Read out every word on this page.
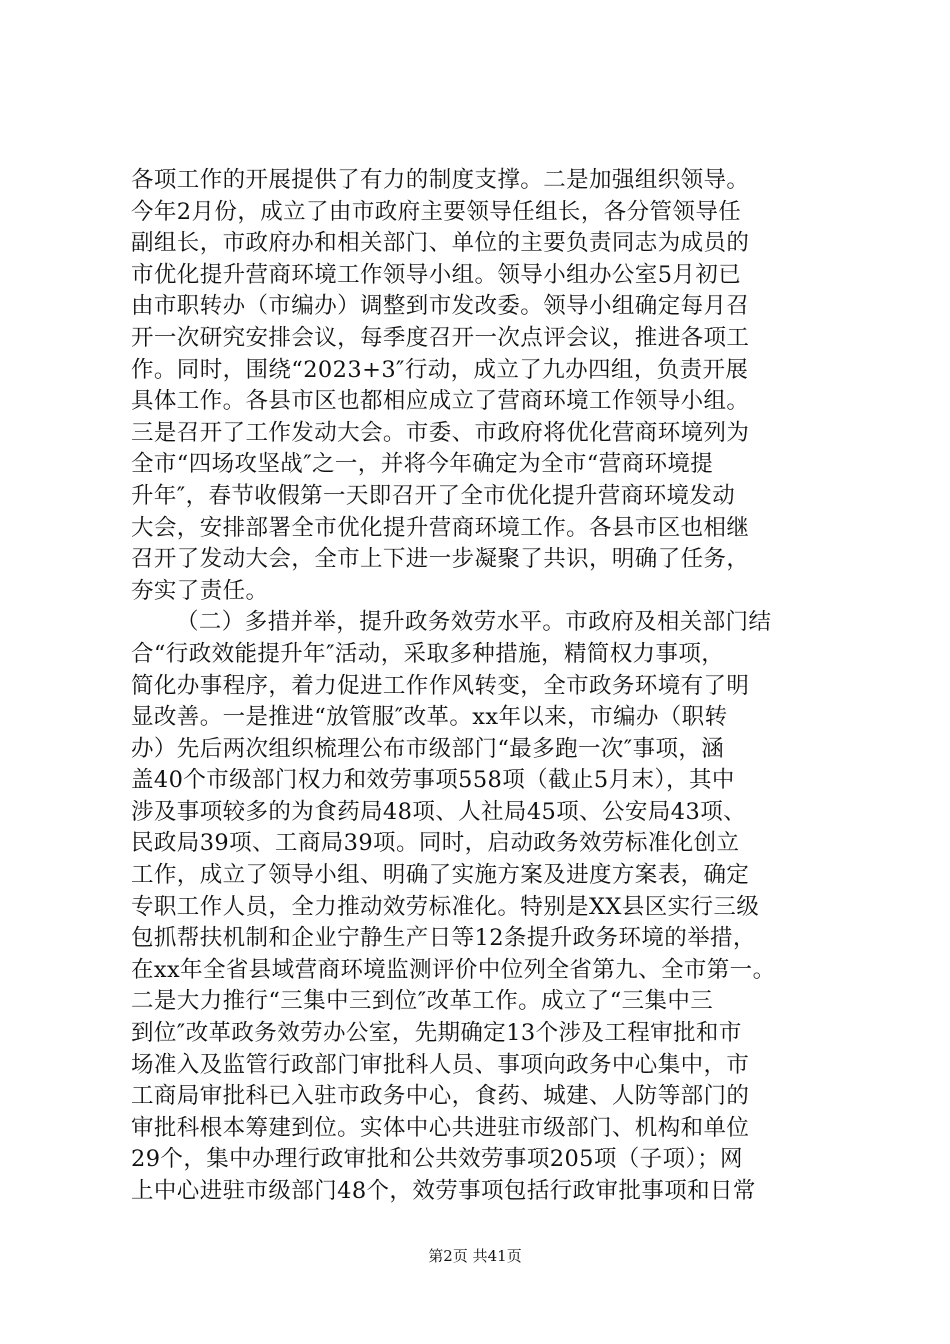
各项工作的开展提供了有力的制度支撑。二是加强组织领导。
今年2月份，成立了由市政府主要领导任组长，各分管领导任
副组长，市政府办和相关部门、单位的主要负责同志为成员的
市优化提升营商环境工作领导小组。领导小组办公室5月初已
由市职转办（市编办）调整到市发改委。领导小组确定每月召
开一次研究安排会议，每季度召开一次点评会议，推进各项工
作。同时，围绕“2023+3″行动，成立了九办四组，负责开展
具体工作。各县市区也都相应成立了营商环境工作领导小组。
三是召开了工作发动大会。市委、市政府将优化营商环境列为
全市“四场攻坚战″之一，并将今年确定为全市“营商环境提
升年″，春节收假第一天即召开了全市优化提升营商环境发动
大会，安排部署全市优化提升营商环境工作。各县市区也相继
召开了发动大会，全市上下进一步凝聚了共识，明确了任务，
夯实了责任。
（二）多措并举，提升政务效劳水平。市政府及相关部门结
合“行政效能提升年″活动，采取多种措施，精简权力事项，
简化办事程序，着力促进工作作风转变，全市政务环境有了明
显改善。一是推进“放管服″改革。xx年以来，市编办（职转
办）先后两次组织梳理公布市级部门“最多跑一次″事项，涵
盖40个市级部门权力和效劳事项558项（截止5月末），其中
涉及事项较多的为食药局48项、人社局45项、公安局43项、
民政局39项、工商局39项。同时，启动政务效劳标准化创立
工作，成立了领导小组、明确了实施方案及进度方案表，确定
专职工作人员，全力推动效劳标准化。特别是XX县区实行三级
包抓帮扶机制和企业宁静生产日等12条提升政务环境的举措，
在xx年全省县域营商环境监测评价中位列全省第九、全市第一。
二是大力推行“三集中三到位″改革工作。成立了“三集中三
到位″改革政务效劳办公室，先期确定13个涉及工程审批和市
场准入及监管行政部门审批科人员、事项向政务中心集中，市
工商局审批科已入驻市政务中心，食药、城建、人防等部门的
审批科根本筹建到位。实体中心共进驻市级部门、机构和单位
29个，集中办理行政审批和公共效劳事项205项（子项）；网
上中心进驻市级部门48个，效劳事项包括行政审批事项和日常
第2页 共41页
